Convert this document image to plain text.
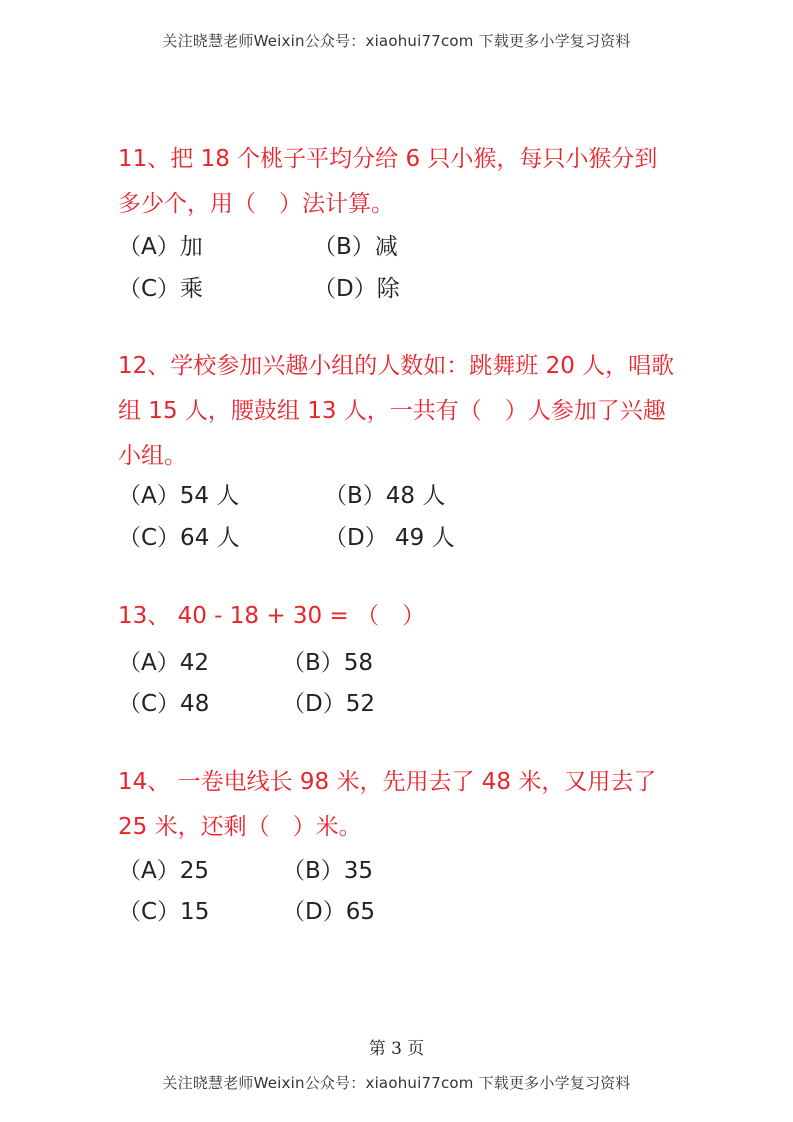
关注晓慧老师Weixin公众号：xiaohui77com 下载更多小学复习资料
11、把 18 个桃子平均分给 6 只小猴，每只小猴分到多少个，用（　）法计算。
（A）加	（B）减
（C）乘	（D）除
12、学校参加兴趣小组的人数如：跳舞班 20 人，唱歌组 15 人，腰鼓组 13 人，一共有（　）人参加了兴趣小组。
（A）54 人	（B）48 人
（C）64 人	（D） 49 人
13、 40 - 18 + 30 = （　）
（A）42	（B）58
（C）48	（D）52
14、 一卷电线长 98 米，先用去了 48 米，又用去了 25 米，还剩（　）米。
（A）25	（B）35
（C）15	（D）65
第 3 页
关注晓慧老师Weixin公众号：xiaohui77com 下载更多小学复习资料
